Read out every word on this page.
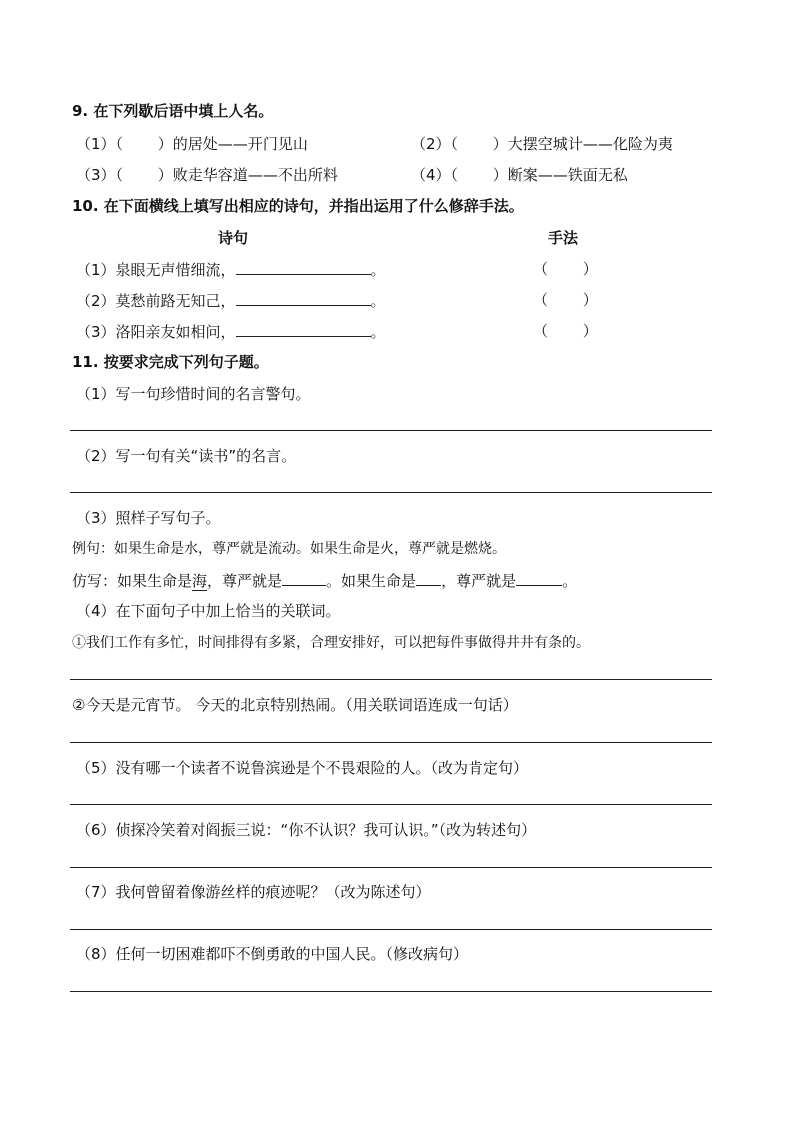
9. 在下列歇后语中填上人名。
（1）（ 　　）的居处——开门见山	（2）（ 　　）大摆空城计——化险为夷
（3）（ 　　）败走华容道——不出所料	（4）（ 　　）断案——铁面无私
10. 在下面横线上填写出相应的诗句，并指出运用了什么修辞手法。
诗句	手法
（1）泉眼无声惜细流，	。	（ 　　）
（2）莫愁前路无知己，	。	（ 　　）
（3）洛阳亲友如相问，	。	（ 　　）
11. 按要求完成下列句子题。
（1）写一句珍惜时间的名言警句。
（2）写一句有关“读书”的名言。
（3）照样子写句子。
例句：如果生命是水，尊严就是流动。如果生命是火，尊严就是燃烧。
仿写：如果生命是海，尊严就是	。如果生命是 ，尊严就是	。
（4）在下面句子中加上恰当的关联词。
①我们工作有多忙，时间排得有多紧，合理安排好，可以把每件事做得井井有条的。
②今天是元宵节。 今天的北京特别热闹。（用关联词语连成一句话）
（5）没有哪一个读者不说鲁滨逊是个不畏艰险的人。（改为肯定句）
（6）侦探冷笑着对阎振三说：“你不认识？我可认识。”（改为转述句）
（7）我何曾留着像游丝样的痕迹呢？（改为陈述句）
（8）任何一切困难都吓不倒勇敢的中国人民。（修改病句）
